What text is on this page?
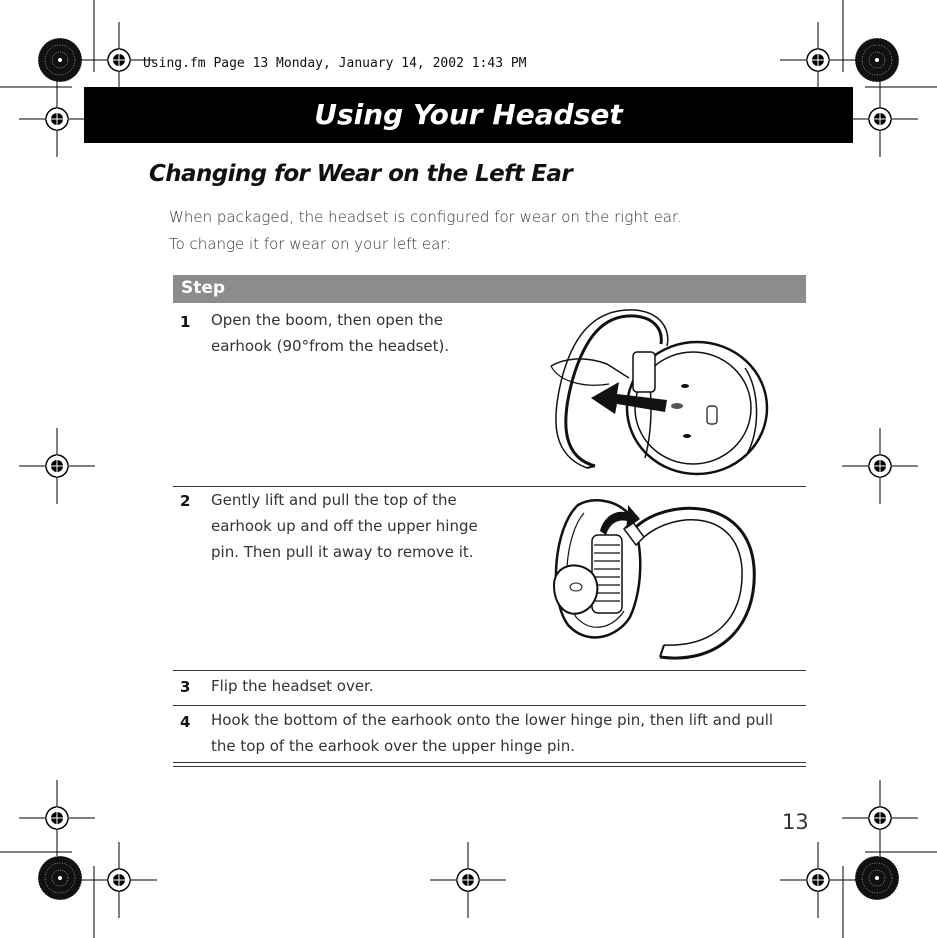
Using.fm Page 13 Monday, January 14, 2002 1:43 PM
Using Your Headset
Changing for Wear on the Left Ear
When packaged, the headset is configured for wear on the right ear.
To change it for wear on your left ear:
Step
1 Open the boom, then open the
earhook (90°from the headset).
2 Gently lift and pull the top of the
earhook up and off the upper hinge
pin. Then pull it away to remove it.
3 Flip the headset over.
4 Hook the bottom of the earhook onto the lower hinge pin, then lift and pull
the top of the earhook over the upper hinge pin.
13
